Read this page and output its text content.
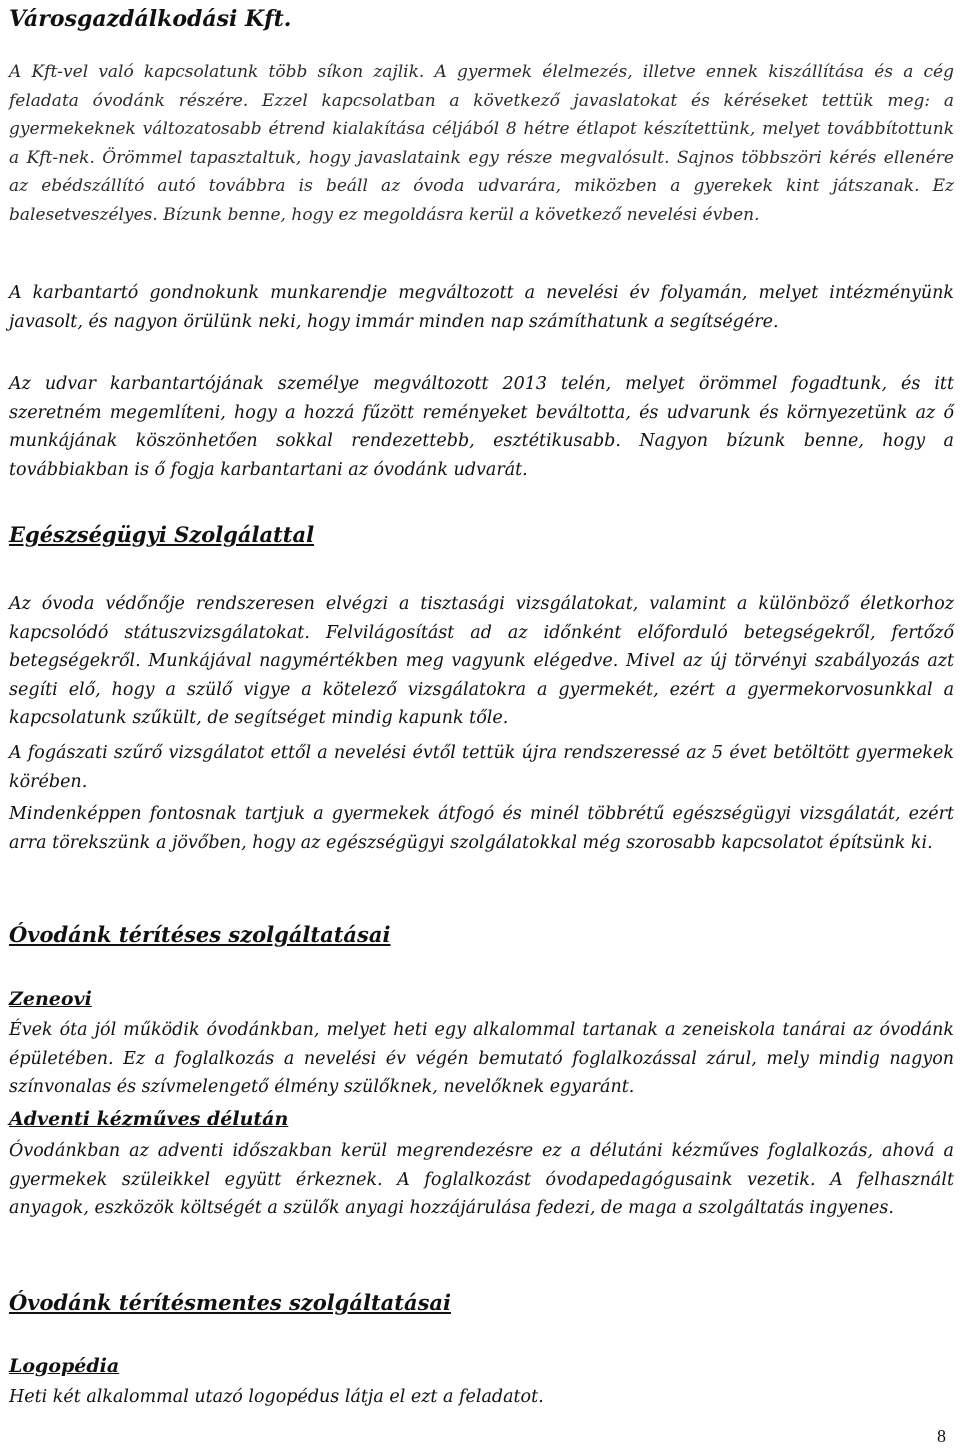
Városgazdálkodási Kft.

A Kft-vel való kapcsolatunk több síkon zajlik. A gyermek élelmezés, illetve ennek kiszállítása és a cég feladata óvodánk részére. Ezzel kapcsolatban a következő javaslatokat és kéréseket tettük meg: a gyermekeknek változatosabb étrend kialakítása céljából 8 hétre étlapot készítettünk, melyet továbbítottunk a Kft-nek. Örömmel tapasztaltuk, hogy javaslataink egy része megvalósult. Sajnos többszöri kérés ellenére az ebédszállító autó továbbra is beáll az óvoda udvarára, miközben a gyerekek kint játszanak. Ez balesetveszélyes. Bízunk benne, hogy ez megoldásra kerül a következő nevelési évben.

A karbantartó gondnokunk munkarendje megváltozott a nevelési év folyamán, melyet intézményünk javasolt, és nagyon örülünk neki, hogy immár minden nap számíthatunk a segítségére.

Az udvar karbantartójának személye megváltozott 2013 telén, melyet örömmel fogadtunk, és itt szeretném megemlíteni, hogy a hozzá fűzött reményeket beváltotta, és udvarunk és környezetünk az ő munkájának köszönhetően sokkal rendezettebb, esztétikusabb. Nagyon bízunk benne, hogy a továbbiakban is ő fogja karbantartani az óvodánk udvarát.

Egészségügyi Szolgálattal

Az óvoda védőnője rendszeresen elvégzi a tisztasági vizsgálatokat, valamint a különböző életkorhoz kapcsolódó státuszvizsgálatokat. Felvilágosítást ad az időnként előforduló betegségekről, fertőző betegségekről. Munkájával nagymértékben meg vagyunk elégedve. Mivel az új törvényi szabályozás azt segíti elő, hogy a szülő vigye a kötelező vizsgálatokra a gyermekét, ezért a gyermekorvosunkkal a kapcsolatunk szűkült, de segítséget mindig kapunk tőle.

A fogászati szűrő vizsgálatot ettől a nevelési évtől tettük újra rendszeressé az 5 évet betöltött gyermekek körében.

Mindenképpen fontosnak tartjuk a gyermekek átfogó és minél többrétű egészségügyi vizsgálatát, ezért arra törekszünk a jövőben, hogy az egészségügyi szolgálatokkal még szorosabb kapcsolatot építsünk ki.

Óvodánk térítéses szolgáltatásai
Zeneovi

Évek óta jól működik óvodánkban, melyet heti egy alkalommal tartanak a zeneiskola tanárai az óvodánk épületében. Ez a foglalkozás a nevelési év végén bemutató foglalkozással zárul, mely mindig nagyon színvonalas és szívmelengető élmény szülőknek, nevelőknek egyaránt.

Adventi kézműves délután

Óvodánkban az adventi időszakban kerül megrendezésre ez a délutáni kézműves foglalkozás, ahová a gyermekek szüleikkel együtt érkeznek. A foglalkozást óvodapedagógusaink vezetik. A felhasznált anyagok, eszközök költségét a szülők anyagi hozzájárulása fedezi, de maga a szolgáltatás ingyenes.

Óvodánk térítésmentes szolgáltatásai
Logopédia

Heti két alkalommal utazó logopédus látja el ezt a feladatot.

8
